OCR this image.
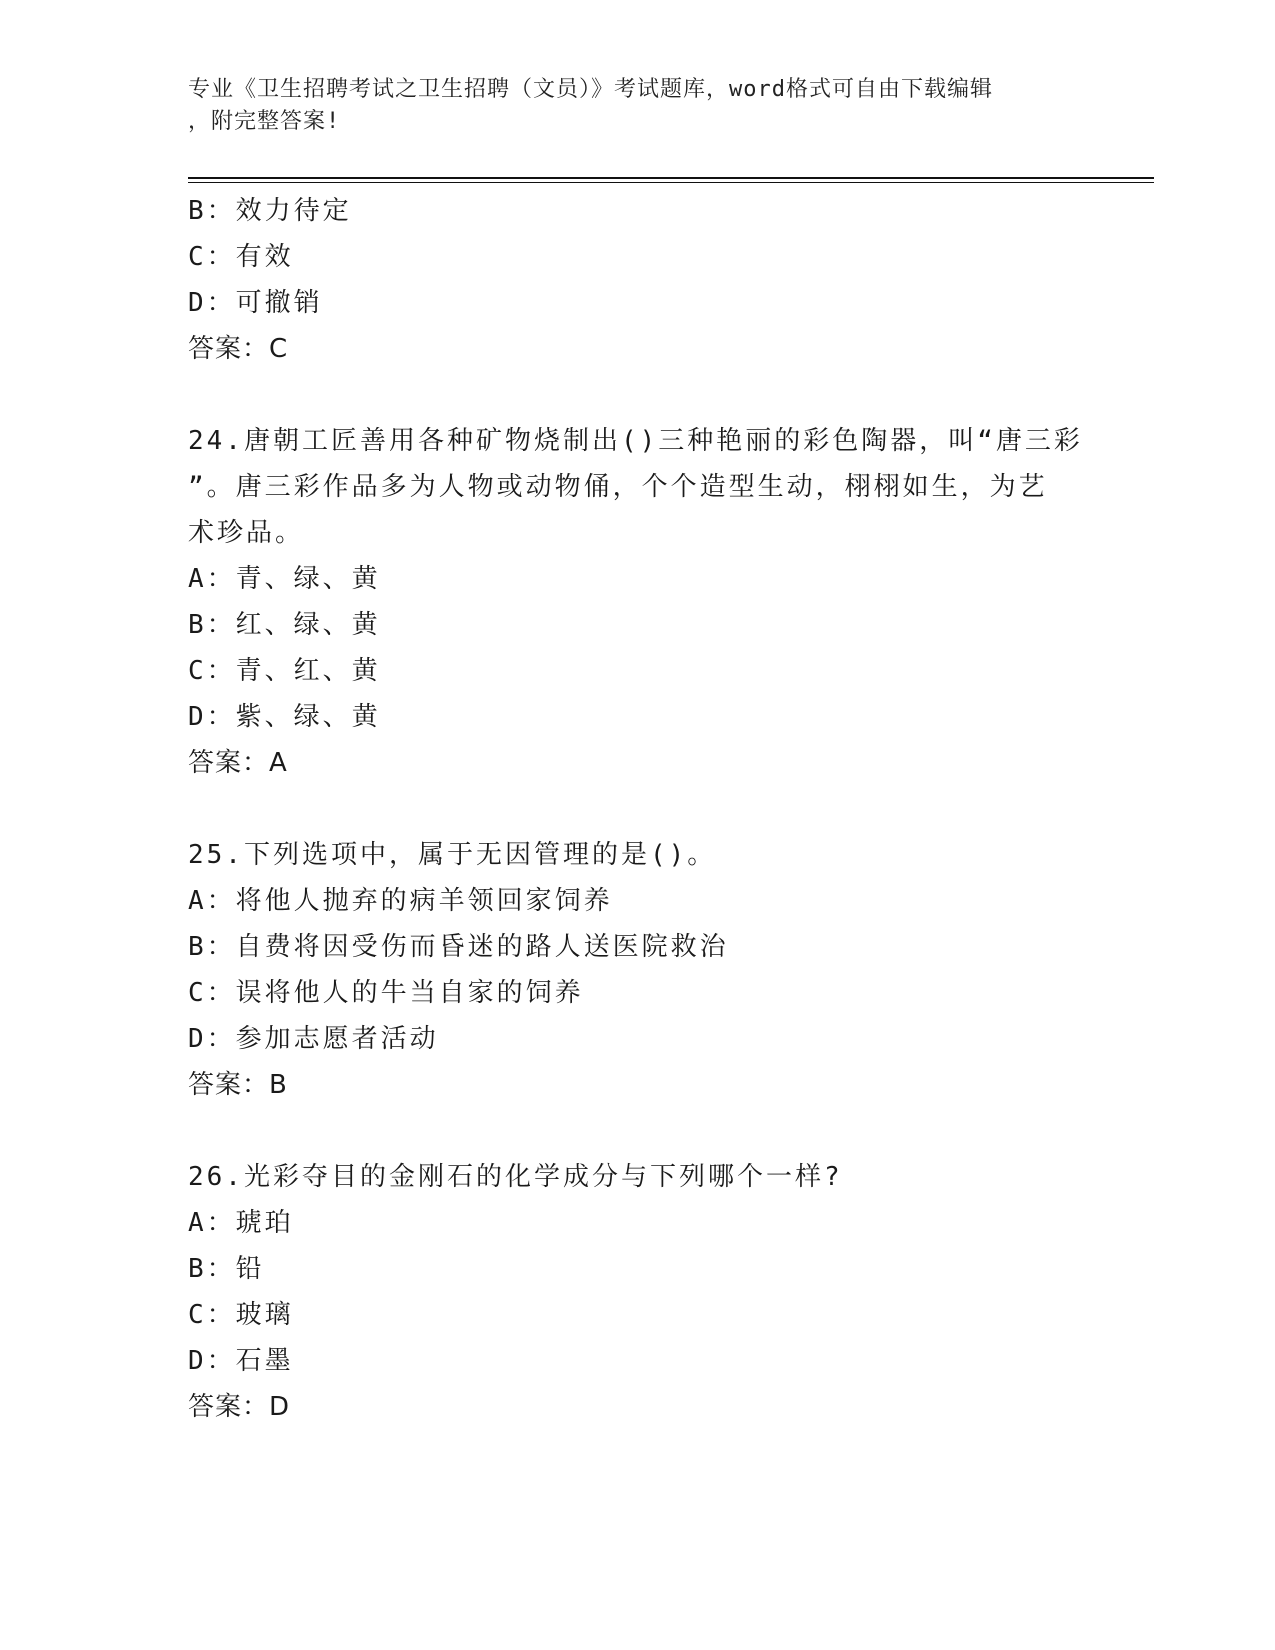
专业《卫生招聘考试之卫生招聘（文员）》考试题库，word格式可自由下载编辑
，附完整答案!
B：效力待定
C：有效
D：可撤销
答案：C
24.唐朝工匠善用各种矿物烧制出()三种艳丽的彩色陶器，叫“唐三彩
”。唐三彩作品多为人物或动物俑，个个造型生动，栩栩如生，为艺
术珍品。
A：青、绿、黄
B：红、绿、黄
C：青、红、黄
D：紫、绿、黄
答案：A
25.下列选项中，属于无因管理的是()。
A：将他人抛弃的病羊领回家饲养
B：自费将因受伤而昏迷的路人送医院救治
C：误将他人的牛当自家的饲养
D：参加志愿者活动
答案：B
26.光彩夺目的金刚石的化学成分与下列哪个一样?
A：琥珀
B：铅
C：玻璃
D：石墨
答案：D
